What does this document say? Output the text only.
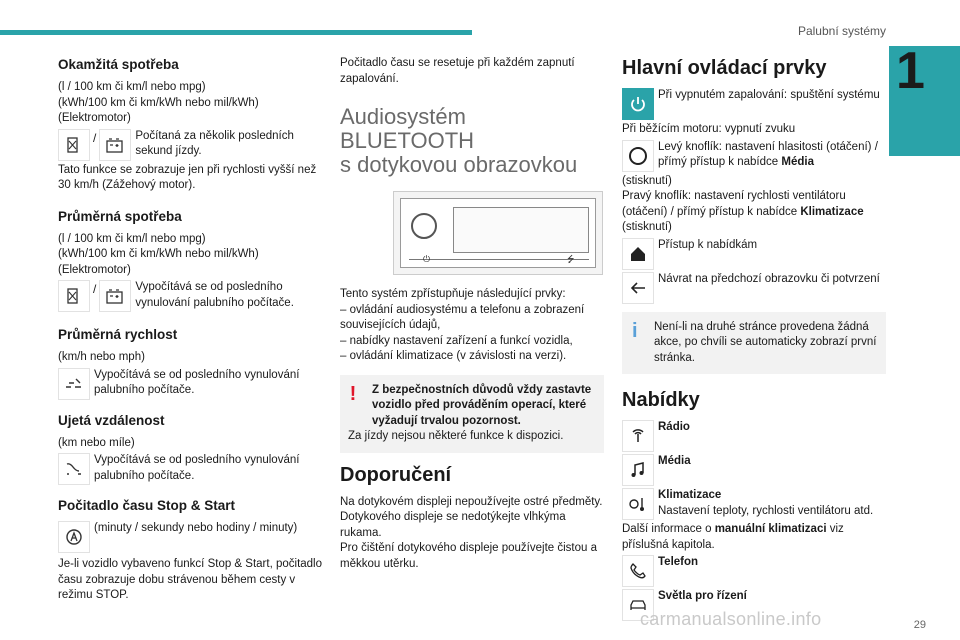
Palubní systémy
1
Okamžitá spotřeba

(l / 100 km či km/l nebo mpg)

(kWh/100 km či km/kWh nebo mil/kWh)

(Elektromotor)

/	Počítaná za několik posledních sekund jízdy.

Tato funkce se zobrazuje jen při rychlosti vyšší než 30 km/h (Zážehový motor).

Průměrná spotřeba

(l / 100 km či km/l nebo mpg)

(kWh/100 km či km/kWh nebo mil/kWh)

(Elektromotor)

/	Vypočítává se od posledního vynulování palubního počítače.
Průměrná rychlost

(km/h nebo mph)

Vypočítává se od posledního vynulování palubního počítače.
Ujetá vzdálenost

(km nebo míle)

Vypočítává se od posledního vynulování palubního počítače.
Počitadlo času Stop & Start
(minuty / sekundy nebo hodiny / minuty)

Je-li vozidlo vybaveno funkcí Stop & Start, počitadlo času zobrazuje dobu strávenou během cesty v režimu STOP.

Počitadlo času se resetuje při každém zapnutí zapalování.

Audiosystém
BLUETOOTH
s dotykovou obrazovkou
⏻	⭍

Tento systém zpřístupňuje následující prvky:

– ovládání audiosystému a telefonu a zobrazení souvisejících údajů,

– nabídky nastavení zařízení a funkcí vozidla,

– ovládání klimatizace (v závislosti na verzi).

!	Z bezpečnostních důvodů vždy zastavte vozidlo před prováděním operací, které vyžadují trvalou pozornost.

Za jízdy nejsou některé funkce k dispozici.

Doporučení

Na dotykovém displeji nepoužívejte ostré předměty.

Dotykového displeje se nedotýkejte vlhkýma rukama.

Pro čištění dotykového displeje používejte čistou a měkkou utěrku.

Hlavní ovládací prvky
Při vypnutém zapalování: spuštění systému

Při běžícím motoru: vypnutí zvuku

Levý knoflík: nastavení hlasitosti (otáčení) / přímý přístup k nabídce Média

(stisknutí)

Pravý knoflík: nastavení rychlosti ventilátoru (otáčení) / přímý přístup k nabídce Klimatizace

(stisknutí)

Přístup k nabídkám
Návrat na předchozí obrazovku či potvrzení
i Není-li na druhé stránce provedena žádná akce, po chvíli se automaticky zobrazí první stránka.

Nabídky
Rádio
Média
Klimatizace
Nastavení teploty, rychlosti ventilátoru atd.

Další informace o manuální klimatizaci viz příslušná kapitola.

Telefon
Světla pro řízení
carmanualsonline.info	29
